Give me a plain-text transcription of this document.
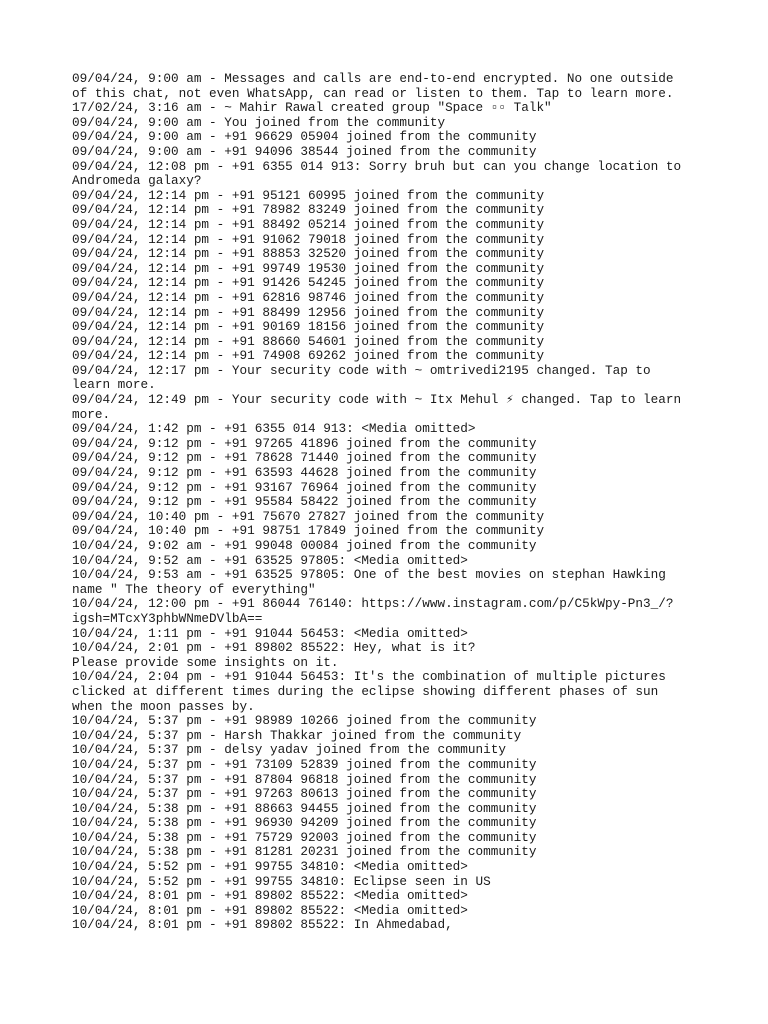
09/04/24, 9:00 am - Messages and calls are end-to-end encrypted. No one outside of this chat, not even WhatsApp, can read or listen to them. Tap to learn more.
17/02/24, 3:16 am - ~ Mahir Rawal created group "Space ▫▫ Talk"
09/04/24, 9:00 am - You joined from the community
09/04/24, 9:00 am - +91 96629 05904 joined from the community
09/04/24, 9:00 am - +91 94096 38544 joined from the community
09/04/24, 12:08 pm - +91 6355 014 913: Sorry bruh but can you change location to Andromeda galaxy?
09/04/24, 12:14 pm - +91 95121 60995 joined from the community
09/04/24, 12:14 pm - +91 78982 83249 joined from the community
09/04/24, 12:14 pm - +91 88492 05214 joined from the community
09/04/24, 12:14 pm - +91 91062 79018 joined from the community
09/04/24, 12:14 pm - +91 88853 32520 joined from the community
09/04/24, 12:14 pm - +91 99749 19530 joined from the community
09/04/24, 12:14 pm - +91 91426 54245 joined from the community
09/04/24, 12:14 pm - +91 62816 98746 joined from the community
09/04/24, 12:14 pm - +91 88499 12956 joined from the community
09/04/24, 12:14 pm - +91 90169 18156 joined from the community
09/04/24, 12:14 pm - +91 88660 54601 joined from the community
09/04/24, 12:14 pm - +91 74908 69262 joined from the community
09/04/24, 12:17 pm - Your security code with ~ omtrivedi2195 changed. Tap to learn more.
09/04/24, 12:49 pm - Your security code with ~ Itx Mehul ⚡ changed. Tap to learn more.
09/04/24, 1:42 pm - +91 6355 014 913: <Media omitted>
09/04/24, 9:12 pm - +91 97265 41896 joined from the community
09/04/24, 9:12 pm - +91 78628 71440 joined from the community
09/04/24, 9:12 pm - +91 63593 44628 joined from the community
09/04/24, 9:12 pm - +91 93167 76964 joined from the community
09/04/24, 9:12 pm - +91 95584 58422 joined from the community
09/04/24, 10:40 pm - +91 75670 27827 joined from the community
09/04/24, 10:40 pm - +91 98751 17849 joined from the community
10/04/24, 9:02 am - +91 99048 00084 joined from the community
10/04/24, 9:52 am - +91 63525 97805: <Media omitted>
10/04/24, 9:53 am - +91 63525 97805: One of the best movies on stephan Hawking name " The theory of everything"
10/04/24, 12:00 pm - +91 86044 76140: https://www.instagram.com/p/C5kWpy-Pn3_/?igsh=MTcxY3phbWNmeDVlbA==
10/04/24, 1:11 pm - +91 91044 56453: <Media omitted>
10/04/24, 2:01 pm - +91 89802 85522: Hey, what is it?
Please provide some insights on it.
10/04/24, 2:04 pm - +91 91044 56453: It's the combination of multiple pictures clicked at different times during the eclipse showing different phases of sun when the moon passes by.
10/04/24, 5:37 pm - +91 98989 10266 joined from the community
10/04/24, 5:37 pm - Harsh Thakkar joined from the community
10/04/24, 5:37 pm - delsy yadav joined from the community
10/04/24, 5:37 pm - +91 73109 52839 joined from the community
10/04/24, 5:37 pm - +91 87804 96818 joined from the community
10/04/24, 5:37 pm - +91 97263 80613 joined from the community
10/04/24, 5:38 pm - +91 88663 94455 joined from the community
10/04/24, 5:38 pm - +91 96930 94209 joined from the community
10/04/24, 5:38 pm - +91 75729 92003 joined from the community
10/04/24, 5:38 pm - +91 81281 20231 joined from the community
10/04/24, 5:52 pm - +91 99755 34810: <Media omitted>
10/04/24, 5:52 pm - +91 99755 34810: Eclipse seen in US
10/04/24, 8:01 pm - +91 89802 85522: <Media omitted>
10/04/24, 8:01 pm - +91 89802 85522: <Media omitted>
10/04/24, 8:01 pm - +91 89802 85522: In Ahmedabad,
